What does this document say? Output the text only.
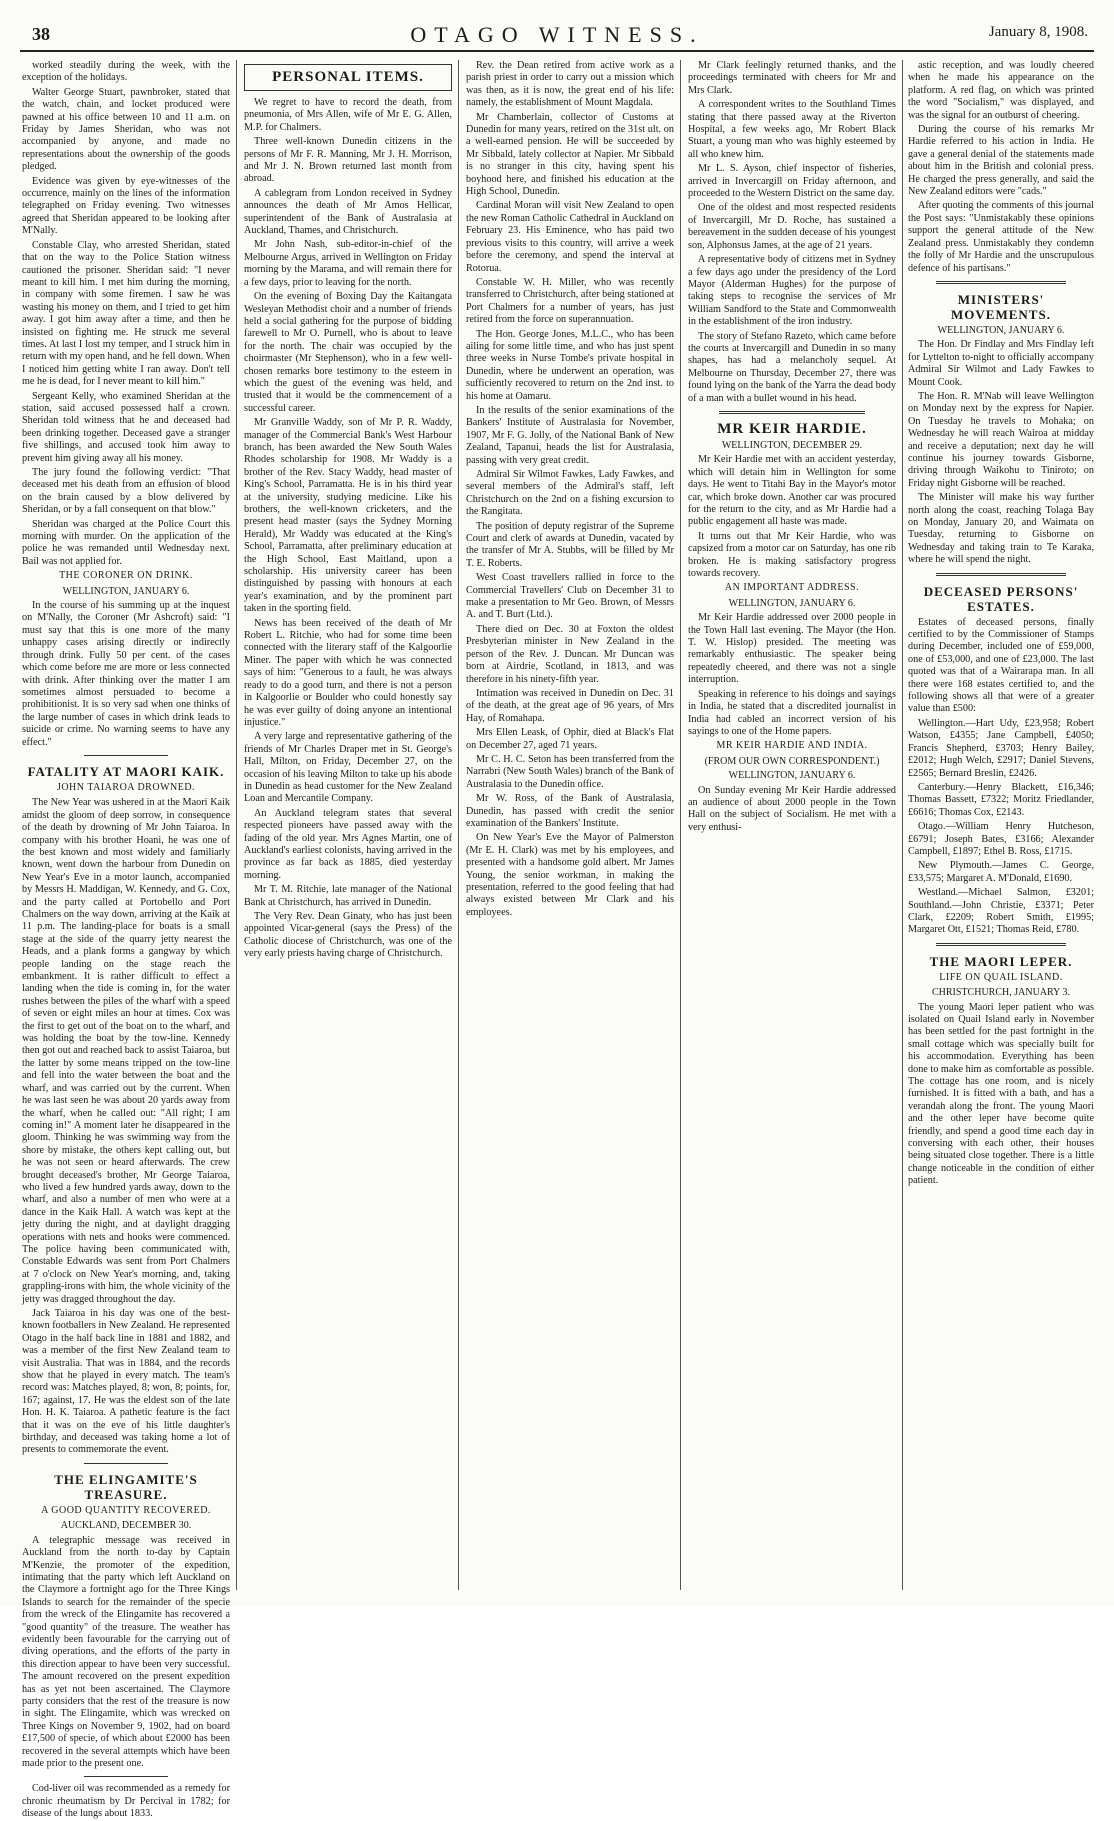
38	OTAGO WITNESS.	January 8, 1908.

worked steadily during the week, with the exception of the holidays.

Walter George Stuart, pawnbroker, stated that the watch, chain, and locket produced were pawned at his office between 10 and 11 a.m. on Friday by James Sheridan, who was not accompanied by anyone, and made no representations about the ownership of the goods pledged.

Evidence was given by eye-witnesses of the occurrence, mainly on the lines of the information telegraphed on Friday evening. Two witnesses agreed that Sheridan appeared to be looking after M'Nally.

Constable Clay, who arrested Sheridan, stated that on the way to the Police Station witness cautioned the prisoner. Sheridan said: "I never meant to kill him. I met him during the morning, in company with some firemen. I saw he was wasting his money on them, and I tried to get him away. I got him away after a time, and then he insisted on fighting me. He struck me several times. At last I lost my temper, and I struck him in return with my open hand, and he fell down. When I noticed him getting white I ran away. Don't tell me he is dead, for I never meant to kill him."

Sergeant Kelly, who examined Sheridan at the station, said accused possessed half a crown. Sheridan told witness that he and deceased had been drinking together. Deceased gave a stranger five shillings, and accused took him away to prevent him giving away all his money.

The jury found the following verdict: "That deceased met his death from an effusion of blood on the brain caused by a blow delivered by Sheridan, or by a fall consequent on that blow."

Sheridan was charged at the Police Court this morning with murder. On the application of the police he was remanded until Wednesday next. Bail was not applied for.

THE CORONER ON DRINK.
WELLINGTON, JANUARY 6.

In the course of his summing up at the inquest on M'Nally, the Coroner (Mr Ashcroft) said: "I must say that this is one more of the many unhappy cases arising directly or indirectly through drink. Fully 50 per cent. of the cases which come before me are more or less connected with drink. After thinking over the matter I am sometimes almost persuaded to become a prohibitionist. It is so very sad when one thinks of the large number of cases in which drink leads to suicide or crime. No warning seems to have any effect."

FATALITY AT MAORI KAIK.
JOHN TAIAROA DROWNED.

The New Year was ushered in at the Maori Kaik amidst the gloom of deep sorrow, in consequence of the death by drowning of Mr John Taiaroa. In company with his brother Hoani, he was one of the best known and most widely and familiarly known, went down the harbour from Dunedin on New Year's Eve in a motor launch, accompanied by Messrs H. Maddigan, W. Kennedy, and G. Cox, and the party called at Portobello and Port Chalmers on the way down, arriving at the Kaik at 11 p.m. The landing-place for boats is a small stage at the side of the quarry jetty nearest the Heads, and a plank forms a gangway by which people landing on the stage reach the embankment. It is rather difficult to effect a landing when the tide is coming in, for the water rushes between the piles of the wharf with a speed of seven or eight miles an hour at times. Cox was the first to get out of the boat on to the wharf, and was holding the boat by the tow-line. Kennedy then got out and reached back to assist Taiaroa, but the latter by some means tripped on the tow-line and fell into the water between the boat and the wharf, and was carried out by the current. When he was last seen he was about 20 yards away from the wharf, when he called out: "All right; I am coming in!" A moment later he disappeared in the gloom. Thinking he was swimming way from the shore by mistake, the others kept calling out, but he was not seen or heard afterwards. The crew brought deceased's brother, Mr George Taiaroa, who lived a few hundred yards away, down to the wharf, and also a number of men who were at a dance in the Kaik Hall. A watch was kept at the jetty during the night, and at daylight dragging operations with nets and hooks were commenced. The police having been communicated with, Constable Edwards was sent from Port Chalmers at 7 o'clock on New Year's morning, and, taking grappling-irons with him, the whole vicinity of the jetty was dragged throughout the day.

Jack Taiaroa in his day was one of the best-known footballers in New Zealand. He represented Otago in the half back line in 1881 and 1882, and was a member of the first New Zealand team to visit Australia. That was in 1884, and the records show that he played in every match. The team's record was: Matches played, 8; won, 8; points, for, 167; against, 17. He was the eldest son of the late Hon. H. K. Taiaroa. A pathetic feature is the fact that it was on the eve of his little daughter's birthday, and deceased was taking home a lot of presents to commemorate the event.

THE ELINGAMITE'S TREASURE.
A GOOD QUANTITY RECOVERED.
AUCKLAND, DECEMBER 30.

A telegraphic message was received in Auckland from the north to-day by Captain M'Kenzie, the promoter of the expedition, intimating that the party which left Auckland on the Claymore a fortnight ago for the Three Kings Islands to search for the remainder of the specie from the wreck of the Elingamite has recovered a "good quantity" of the treasure. The weather has evidently been favourable for the carrying out of diving operations, and the efforts of the party in this direction appear to have been very successful. The amount recovered on the present expedition has as yet not been ascertained. The Claymore party considers that the rest of the treasure is now in sight. The Elingamite, which was wrecked on Three Kings on November 9, 1902, had on board £17,500 of specie, of which about £2000 has been recovered in the several attempts which have been made prior to the present one.

Cod-liver oil was recommended as a remedy for chronic rheumatism by Dr Percival in 1782; for disease of the lungs about 1833.

PERSONAL ITEMS.

We regret to have to record the death, from pneumonia, of Mrs Allen, wife of Mr E. G. Allen, M.P. for Chalmers.

Three well-known Dunedin citizens in the persons of Mr F. R. Manning, Mr J. H. Morrison, and Mr J. N. Brown returned last month from abroad.

A cablegram from London received in Sydney announces the death of Mr Amos Hellicar, superintendent of the Bank of Australasia at Auckland, Thames, and Christchurch.

Mr John Nash, sub-editor-in-chief of the Melbourne Argus, arrived in Wellington on Friday morning by the Marama, and will remain there for a few days, prior to leaving for the north.

On the evening of Boxing Day the Kaitangata Wesleyan Methodist choir and a number of friends held a social gathering for the purpose of bidding farewell to Mr O. Purnell, who is about to leave for the north. The chair was occupied by the choirmaster (Mr Stephenson), who in a few well-chosen remarks bore testimony to the esteem in which the guest of the evening was held, and trusted that it would be the commencement of a successful career.

Mr Granville Waddy, son of Mr P. R. Waddy, manager of the Commercial Bank's West Harbour branch, has been awarded the New South Wales Rhodes scholarship for 1908. Mr Waddy is a brother of the Rev. Stacy Waddy, head master of King's School, Parramatta. He is in his third year at the university, studying medicine. Like his brothers, the well-known cricketers, and the present head master (says the Sydney Morning Herald), Mr Waddy was educated at the King's School, Parramatta, after preliminary education at the High School, East Maitland, upon a scholarship. His university career has been distinguished by passing with honours at each year's examination, and by the prominent part taken in the sporting field.

News has been received of the death of Mr Robert L. Ritchie, who had for some time been connected with the literary staff of the Kalgoorlie Miner. The paper with which he was connected says of him: "Generous to a fault, he was always ready to do a good turn, and there is not a person in Kalgoorlie or Boulder who could honestly say he was ever guilty of doing anyone an intentional injustice."

A very large and representative gathering of the friends of Mr Charles Draper met in St. George's Hall, Milton, on Friday, December 27, on the occasion of his leaving Milton to take up his abode in Dunedin as head customer for the New Zealand Loan and Mercantile Company.

An Auckland telegram states that several respected pioneers have passed away with the fading of the old year. Mrs Agnes Martin, one of Auckland's earliest colonists, having arrived in the province as far back as 1885, died yesterday morning.

Mr T. M. Ritchie, late manager of the National Bank at Christchurch, has arrived in Dunedin.

The Very Rev. Dean Ginaty, who has just been appointed Vicar-general (says the Press) of the Catholic diocese of Christchurch, was one of the very early priests having charge of Christchurch.

Rev. the Dean retired from active work as a parish priest in order to carry out a mission which was then, as it is now, the great end of his life: namely, the establishment of Mount Magdala.

Mr Chamberlain, collector of Customs at Dunedin for many years, retired on the 31st ult. on a well-earned pension. He will be succeeded by Mr Sibbald, lately collector at Napier. Mr Sibbald is no stranger in this city, having spent his boyhood here, and finished his education at the High School, Dunedin.

Cardinal Moran will visit New Zealand to open the new Roman Catholic Cathedral in Auckland on February 23. His Eminence, who has paid two previous visits to this country, will arrive a week before the ceremony, and spend the interval at Rotorua.

Constable W. H. Miller, who was recently transferred to Christchurch, after being stationed at Port Chalmers for a number of years, has just retired from the force on superannuation.

The Hon. George Jones, M.L.C., who has been ailing for some little time, and who has just spent three weeks in Nurse Tombe's private hospital in Dunedin, where he underwent an operation, was sufficiently recovered to return on the 2nd inst. to his home at Oamaru.

In the results of the senior examinations of the Bankers' Institute of Australasia for November, 1907, Mr F. G. Jolly, of the National Bank of New Zealand, Tapanui, heads the list for Australasia, passing with very great credit.

Admiral Sir Wilmot Fawkes, Lady Fawkes, and several members of the Admiral's staff, left Christchurch on the 2nd on a fishing excursion to the Rangitata.

The position of deputy registrar of the Supreme Court and clerk of awards at Dunedin, vacated by the transfer of Mr A. Stubbs, will be filled by Mr T. E. Roberts.

West Coast travellers rallied in force to the Commercial Travellers' Club on December 31 to make a presentation to Mr Geo. Brown, of Messrs A. and T. Burt (Ltd.).

There died on Dec. 30 at Foxton the oldest Presbyterian minister in New Zealand in the person of the Rev. J. Duncan. Mr Duncan was born at Airdrie, Scotland, in 1813, and was therefore in his ninety-fifth year.

Intimation was received in Dunedin on Dec. 31 of the death, at the great age of 96 years, of Mrs Hay, of Romahapa.

Mrs Ellen Leask, of Ophir, died at Black's Flat on December 27, aged 71 years.

Mr C. H. C. Seton has been transferred from the Narrabri (New South Wales) branch of the Bank of Australasia to the Dunedin office.

Mr W. Ross, of the Bank of Australasia, Dunedin, has passed with credit the senior examination of the Bankers' Institute.

On New Year's Eve the Mayor of Palmerston (Mr E. H. Clark) was met by his employees, and presented with a handsome gold albert. Mr James Young, the senior workman, in making the presentation, referred to the good feeling that had always existed between Mr Clark and his employees.

Mr Clark feelingly returned thanks, and the proceedings terminated with cheers for Mr and Mrs Clark.

A correspondent writes to the Southland Times stating that there passed away at the Riverton Hospital, a few weeks ago, Mr Robert Black Stuart, a young man who was highly esteemed by all who knew him.

Mr L. S. Ayson, chief inspector of fisheries, arrived in Invercargill on Friday afternoon, and proceeded to the Western District on the same day.

One of the oldest and most respected residents of Invercargill, Mr D. Roche, has sustained a bereavement in the sudden decease of his youngest son, Alphonsus James, at the age of 21 years.

A representative body of citizens met in Sydney a few days ago under the presidency of the Lord Mayor (Alderman Hughes) for the purpose of taking steps to recognise the services of Mr William Sandford to the State and Commonwealth in the establishment of the iron industry.

The story of Stefano Razeto, which came before the courts at Invercargill and Dunedin in so many shapes, has had a melancholy sequel. At Melbourne on Thursday, December 27, there was found lying on the bank of the Yarra the dead body of a man with a bullet wound in his head.

MR KEIR HARDIE.
WELLINGTON, DECEMBER 29.

Mr Keir Hardie met with an accident yesterday, which will detain him in Wellington for some days. He went to Titahi Bay in the Mayor's motor car, which broke down. Another car was procured for the return to the city, and as Mr Hardie had a public engagement all haste was made.

It turns out that Mr Keir Hardie, who was capsized from a motor car on Saturday, has one rib broken. He is making satisfactory progress towards recovery.

AN IMPORTANT ADDRESS.
WELLINGTON, JANUARY 6.

Mr Keir Hardie addressed over 2000 people in the Town Hall last evening. The Mayor (the Hon. T. W. Hislop) presided. The meeting was remarkably enthusiastic. The speaker being repeatedly cheered, and there was not a single interruption.

Speaking in reference to his doings and sayings in India, he stated that a discredited journalist in India had cabled an incorrect version of his sayings to one of the Home papers.

MR KEIR HARDIE AND INDIA.
(FROM OUR OWN CORRESPONDENT.)
WELLINGTON, JANUARY 6.

On Sunday evening Mr Keir Hardie addressed an audience of about 2000 people in the Town Hall on the subject of Socialism. He met with a very enthusi-

astic reception, and was loudly cheered when he made his appearance on the platform. A red flag, on which was printed the word "Socialism," was displayed, and was the signal for an outburst of cheering.

During the course of his remarks Mr Hardie referred to his action in India. He gave a general denial of the statements made about him in the British and colonial press. He charged the press generally, and said the New Zealand editors were "cads."

After quoting the comments of this journal the Post says: "Unmistakably these opinions support the general attitude of the New Zealand press. Unmistakably they condemn the folly of Mr Hardie and the unscrupulous defence of his partisans."

MINISTERS' MOVEMENTS.
WELLINGTON, JANUARY 6.

The Hon. Dr Findlay and Mrs Findlay left for Lyttelton to-night to officially accompany Admiral Sir Wilmot and Lady Fawkes to Mount Cook.

The Hon. R. M'Nab will leave Wellington on Monday next by the express for Napier. On Tuesday he travels to Mohaka; on Wednesday he will reach Wairoa at midday and receive a deputation; next day he will continue his journey towards Gisborne, driving through Waikohu to Tiniroto; on Friday night Gisborne will be reached.

The Minister will make his way further north along the coast, reaching Tolaga Bay on Monday, January 20, and Waimata on Tuesday, returning to Gisborne on Wednesday and taking train to Te Karaka, where he will spend the night.

DECEASED PERSONS' ESTATES.

Estates of deceased persons, finally certified to by the Commissioner of Stamps during December, included one of £59,000, one of £53,000, and one of £23,000. The last quoted was that of a Wairarapa man. In all there were 168 estates certified to, and the following shows all that were of a greater value than £500:

Wellington.—Hart Udy, £23,958; Robert Watson, £4355; Jane Campbell, £4050; Francis Shepherd, £3703; Henry Bailey, £2012; Hugh Welch, £2917; Daniel Stevens, £2565; Bernard Breslin, £2426.

Canterbury.—Henry Blackett, £16,346; Thomas Bassett, £7322; Moritz Friedlander, £6616; Thomas Cox, £2143.

Otago.—William Henry Hutcheson, £6791; Joseph Bates, £3166; Alexander Campbell, £1897; Ethel B. Ross, £1715.

New Plymouth.—James C. George, £33,575; Margaret A. M'Donald, £1690.

Westland.—Michael Salmon, £3201; Southland.—John Christie, £3371; Peter Clark, £2209; Robert Smith, £1995; Margaret Ott, £1521; Thomas Reid, £780.

THE MAORI LEPER.
LIFE ON QUAIL ISLAND.
CHRISTCHURCH, JANUARY 3.

The young Maori leper patient who was isolated on Quail Island early in November has been settled for the past fortnight in the small cottage which was specially built for his accommodation. Everything has been done to make him as comfortable as possible. The cottage has one room, and is nicely furnished. It is fitted with a bath, and has a verandah along the front. The young Maori and the other leper have become quite friendly, and spend a good time each day in conversing with each other, their houses being situated close together. There is a little change noticeable in the condition of either patient.
